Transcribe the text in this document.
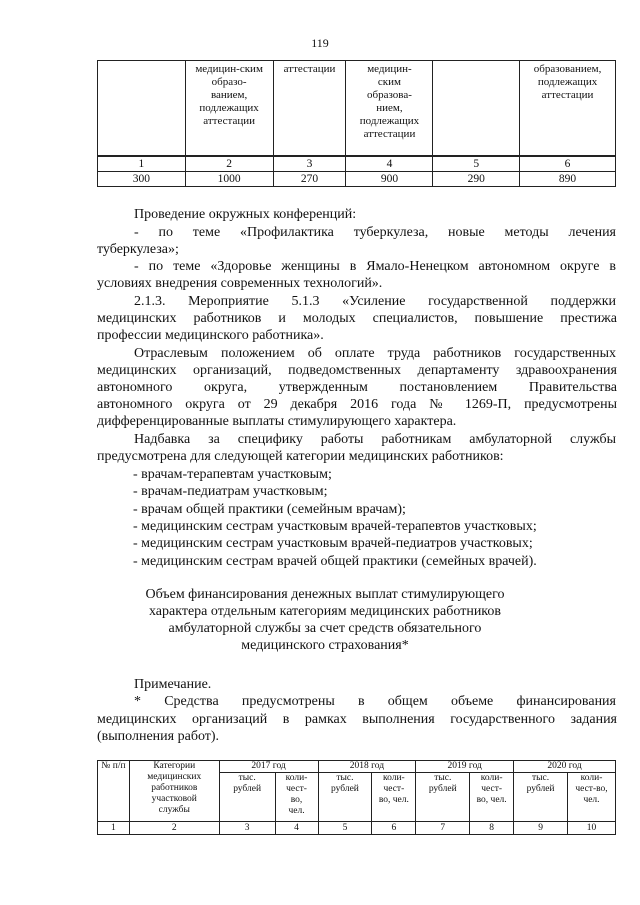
119
	медицин-ским образо-ванием, подлежащих аттестации	аттестации	медицин-ским образова-нием, подлежащих аттестации		образованием, подлежащих аттестации
1	2	3	4	5	6
300	1000	270	900	290	890

Проведение окружных конференций:

- по теме «Профилактика туберкулеза, новые методы лечения

туберкулеза»;

- по теме «Здоровье женщины в Ямало-Ненецком автономном округе в

условиях внедрения современных технологий».

2.1.3. Мероприятие 5.1.3 «Усиление государственной поддержки

медицинских работников и молодых специалистов, повышение престижа

профессии медицинского работника».

Отраслевым положением об оплате труда работников государственных

медицинских организаций, подведомственных департаменту здравоохранения

автономного округа, утвержденным постановлением Правительства

автономного округа от 29 декабря 2016 года № 1269-П, предусмотрены

дифференцированные выплаты стимулирующего характера.

Надбавка за специфику работы работникам амбулаторной службы

предусмотрена для следующей категории медицинских работников:

- врачам-терапевтам участковым;

- врачам-педиатрам участковым;

- врачам общей практики (семейным врачам);

- медицинским сестрам участковым врачей-терапевтов участковых;

- медицинским сестрам участковым врачей-педиатров участковых;

- медицинским сестрам врачей общей практики (семейных врачей).

Объем финансирования денежных выплат стимулирующего
характера отдельным категориям медицинских работников
амбулаторной службы за счет средств обязательного
медицинского страхования*

Примечание.

* Средства предусмотрены в общем объеме финансирования

медицинских организаций в рамках выполнения государственного задания

(выполнения работ).

№ п/п	Категории медицинских работников участковой службы	2017 год		2018 год		2019 год		2020 год	
		тыс. рублей	коли-чест-во, чел.	тыс. рублей	коли-чест-во, чел.	тыс. рублей	коли-чест-во, чел.	тыс. рублей	коли-чест-во, чел.
1	2	3	4	5	6	7	8	9	10
